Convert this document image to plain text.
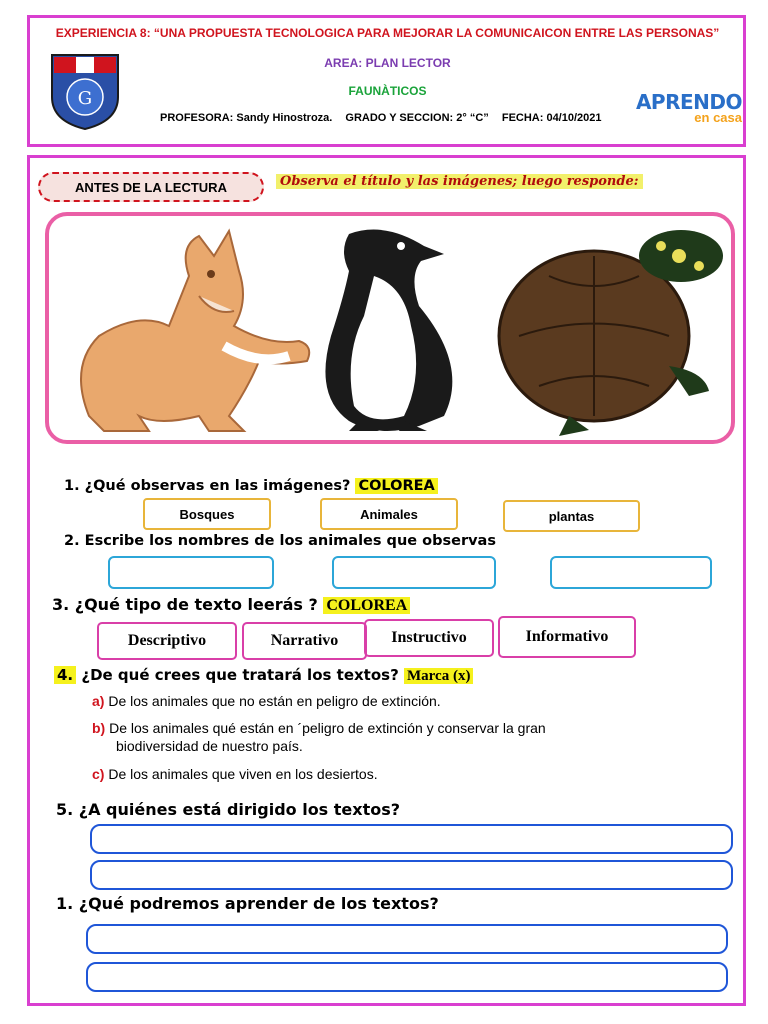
EXPERIENCIA 8: “UNA PROPUESTA TECNOLOGICA PARA MEJORAR LA COMUNICAICON ENTRE LAS PERSONAS”
AREA: PLAN LECTOR
FAUNÀTICOS
PROFESORA: Sandy Hinostroza. GRADO Y SECCION: 2° “C” FECHA: 04/10/2021
G	APRENDO
en casa
ANTES DE LA LECTURA	Observa el título y las imágenes; luego responde:
1. ¿Qué observas en las imágenes? COLOREA
Bosques	Animales	plantas
2. Escribe los nombres de los animales que observas
3. ¿Qué tipo de texto leerás ? COLOREA
Descriptivo	Narrativo	Instructivo	Informativo
4. ¿De qué crees que tratará los textos? Marca (x)
a) De los animales que no están en peligro de extinción.
b) De los animales qué están en ´peligro de extinción y conservar la gran
biodiversidad de nuestro país.
c) De los animales que viven en los desiertos.
5. ¿A quiénes está dirigido los textos?
1. ¿Qué podremos aprender de los textos?
